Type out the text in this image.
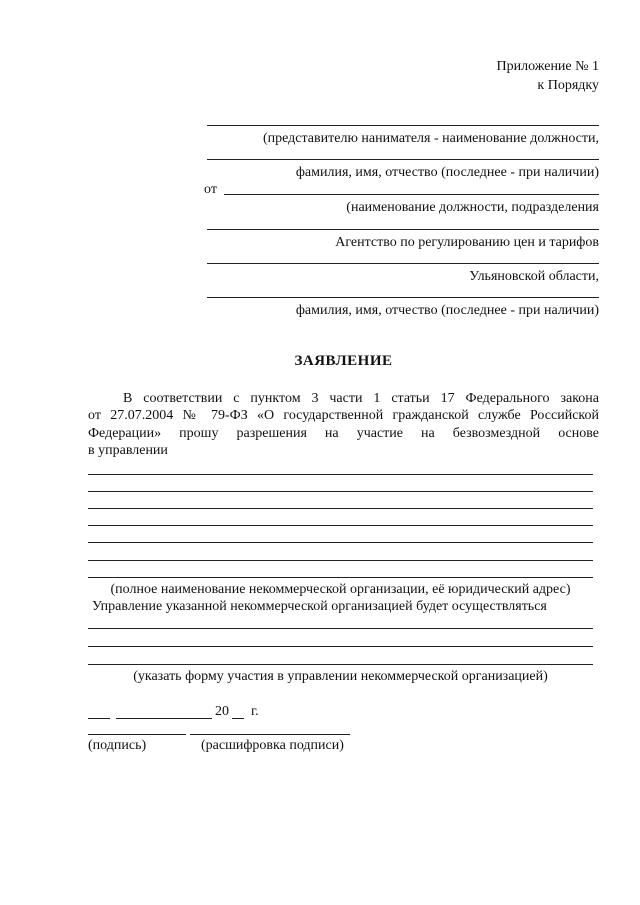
Приложение № 1
к Порядку
(представителю нанимателя - наименование должности,
фамилия, имя, отчество (последнее - при наличии)
от
(наименование должности, подразделения
Агентство по регулированию цен и тарифов
Ульяновской области,
фамилия, имя, отчество (последнее - при наличии)
ЗАЯВЛЕНИЕ
В соответствии с пунктом 3 части 1 статьи 17 Федерального закона
от 27.07.2004 № 79-ФЗ «О государственной гражданской службе Российской
Федерации» прошу разрешения на участие на безвозмездной основе
в управлении
(полное наименование некоммерческой организации, её юридический адрес)
Управление указанной некоммерческой организацией будет осуществляться
(указать форму участия в управлении некоммерческой организацией)
20 г.
(подпись)	(расшифровка подписи)
